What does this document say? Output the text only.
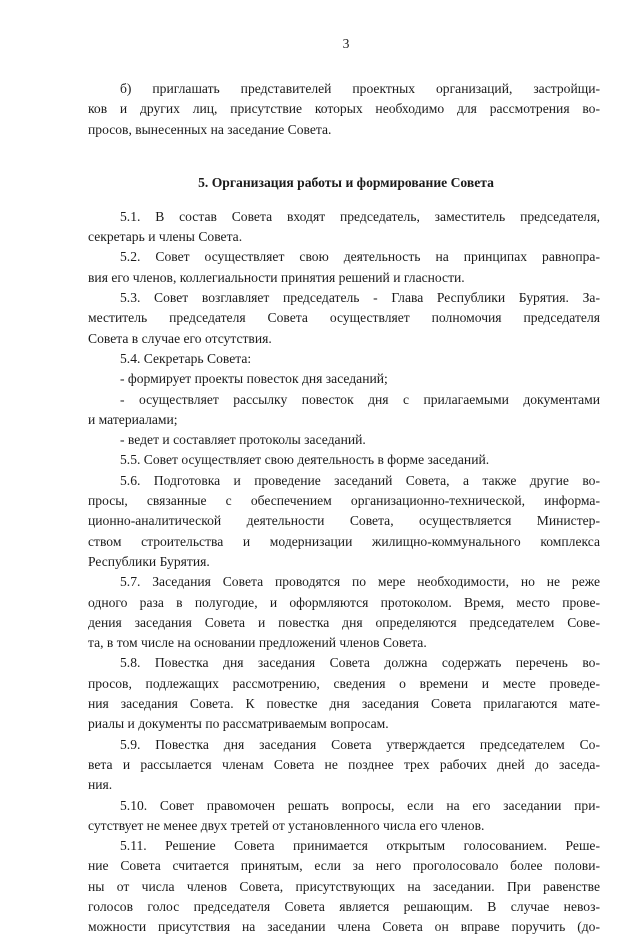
3
б) приглашать представителей проектных организаций, застройщи-
ков и других лиц, присутствие которых необходимо для рассмотрения во-
просов, вынесенных на заседание Совета.
5. Организация работы и формирование Совета
5.1. В состав Совета входят председатель, заместитель председателя,
секретарь и члены Совета.
5.2. Совет осуществляет свою деятельность на принципах равнопра-
вия его членов, коллегиальности принятия решений и гласности.
5.3. Совет возглавляет председатель - Глава Республики Бурятия. За-
меститель председателя Совета осуществляет полномочия председателя
Совета в случае его отсутствия.
5.4. Секретарь Совета:
- формирует проекты повесток дня заседаний;
- осуществляет рассылку повесток дня с прилагаемыми документами
и материалами;
- ведет и составляет протоколы заседаний.
5.5. Совет осуществляет свою деятельность в форме заседаний.
5.6. Подготовка и проведение заседаний Совета, а также другие во-
просы, связанные с обеспечением организационно-технической, информа-
ционно-аналитической деятельности Совета, осуществляется Министер-
ством строительства и модернизации жилищно-коммунального комплекса
Республики Бурятия.
5.7. Заседания Совета проводятся по мере необходимости, но не реже
одного раза в полугодие, и оформляются протоколом. Время, место прове-
дения заседания Совета и повестка дня определяются председателем Сове-
та, в том числе на основании предложений членов Совета.
5.8. Повестка дня заседания Совета должна содержать перечень во-
просов, подлежащих рассмотрению, сведения о времени и месте проведе-
ния заседания Совета. К повестке дня заседания Совета прилагаются мате-
риалы и документы по рассматриваемым вопросам.
5.9. Повестка дня заседания Совета утверждается председателем Со-
вета и рассылается членам Совета не позднее трех рабочих дней до заседа-
ния.
5.10. Совет правомочен решать вопросы, если на его заседании при-
сутствует не менее двух третей от установленного числа его членов.
5.11. Решение Совета принимается открытым голосованием. Реше-
ние Совета считается принятым, если за него проголосовало более полови-
ны от числа членов Совета, присутствующих на заседании. При равенстве
голосов голос председателя Совета является решающим. В случае невоз-
можности присутствия на заседании члена Совета он вправе поручить (до-
